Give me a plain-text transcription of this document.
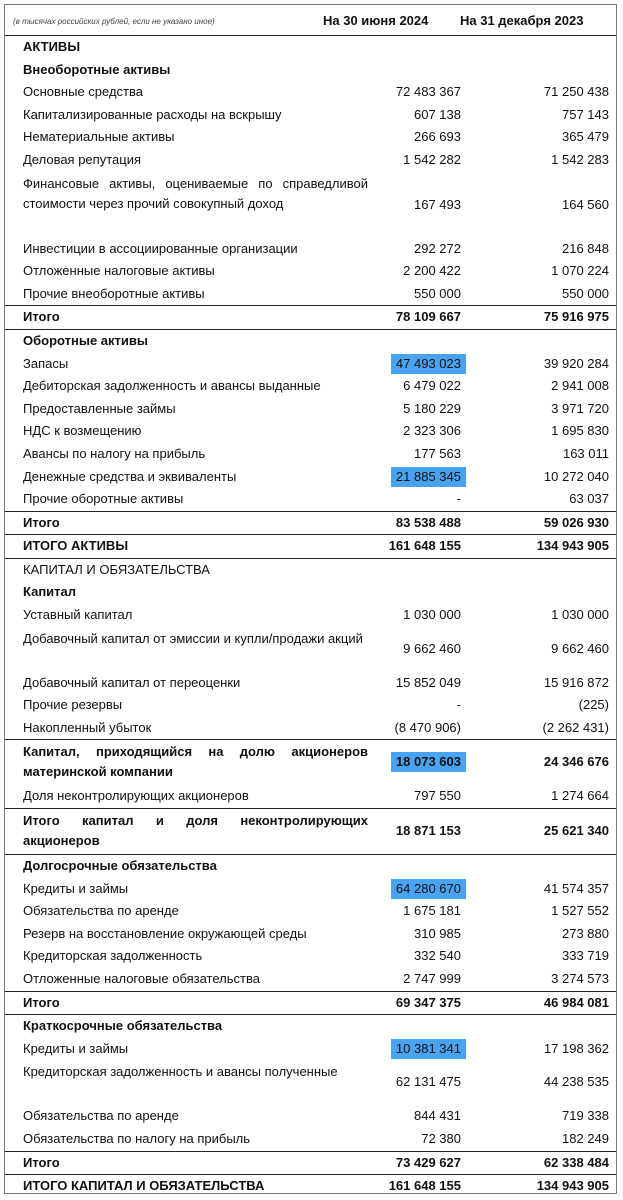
(в тысячах российских рублей, если не указано иное)	На 30 июня 2024 На 31 декабря 2023
АКТИВЫ
Внеоборотные активы
Основные средства	72 483 367	71 250 438
Капитализированные расходы на вскрышу	607 138	757 143
Нематериальные активы	266 693	365 479
Деловая репутация	1 542 282	1 542 283
Финансовые активы, оцениваемые по справедливой стоимости через прочий совокупный доход	167 493	164 560
Инвестиции в ассоциированные организации	292 272	216 848
Отложенные налоговые активы	2 200 422	1 070 224
Прочие внеоборотные активы	550 000	550 000
Итого	78 109 667	75 916 975
Оборотные активы
Запасы	47 493 023	39 920 284
Дебиторская задолженность и авансы выданные	6 479 022	2 941 008
Предоставленные займы	5 180 229	3 971 720
НДС к возмещению	2 323 306	1 695 830
Авансы по налогу на прибыль	177 563	163 011
Денежные средства и эквиваленты	21 885 345	10 272 040
Прочие оборотные активы	-	63 037
Итого	83 538 488	59 026 930
ИТОГО АКТИВЫ	161 648 155	134 943 905
КАПИТАЛ И ОБЯЗАТЕЛЬСТВА
Капитал
Уставный капитал	1 030 000	1 030 000
Добавочный капитал от эмиссии и купли/продажи акций
9 662 460	9 662 460
Добавочный капитал от переоценки	15 852 049	15 916 872
Прочие резервы	-	(225)
Накопленный убыток	(8 470 906)	(2 262 431)
Капитал, приходящийся на долю акционеров материнской компании
18 073 603	24 346 676
Доля неконтролирующих акционеров	797 550	1 274 664
Итого капитал и доля неконтролирующих акционеров
18 871 153	25 621 340
Долгосрочные обязательства
Кредиты и займы	64 280 670	41 574 357
Обязательства по аренде	1 675 181	1 527 552
Резерв на восстановление окружающей среды	310 985	273 880
Кредиторская задолженность	332 540	333 719
Отложенные налоговые обязательства	2 747 999	3 274 573
Итого	69 347 375	46 984 081
Краткосрочные обязательства
Кредиты и займы	10 381 341	17 198 362
Кредиторская задолженность и авансы полученные
62 131 475	44 238 535
Обязательства по аренде	844 431	719 338
Обязательства по налогу на прибыль	72 380	182 249
Итого	73 429 627	62 338 484
ИТОГО КАПИТАЛ И ОБЯЗАТЕЛЬСТВА	161 648 155	134 943 905
